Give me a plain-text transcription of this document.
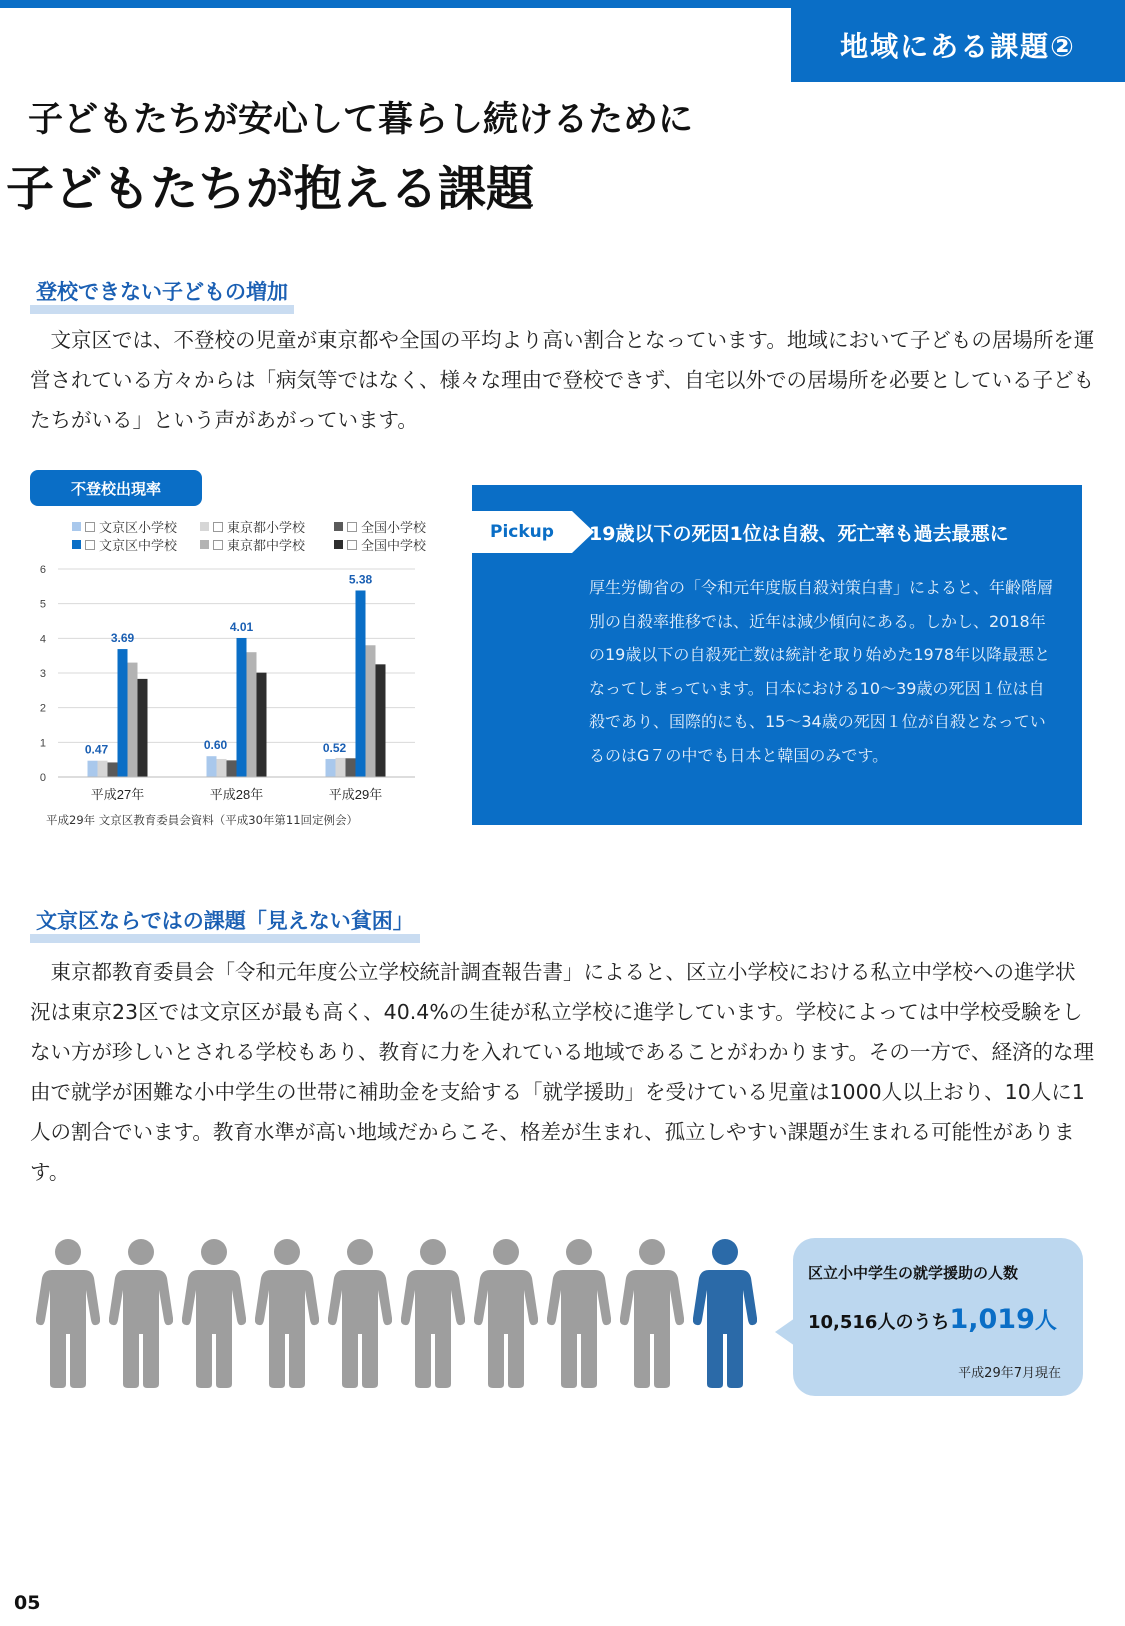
地域にある課題②
子どもたちが安心して暮らし続けるために
子どもたちが抱える課題
登校できない子どもの増加
文京区では、不登校の児童が東京都や全国の平均より高い割合となっています。地域において子どもの居場所を運営されている方々からは「病気等ではなく、様々な理由で登校できず、自宅以外での居場所を必要としている子どもたちがいる」という声があがっています。
不登校出現率
文京区小学校	東京都小学校	全国小学校
文京区中学校	東京都中学校	全国中学校
0
1
2
3
4
5
6
平成27年
0.47
3.69
平成28年
0.60
4.01
平成29年
0.52
5.38
平成29年 文京区教育委員会資料（平成30年第11回定例会）
Pickup	19歳以下の死因1位は自殺、死亡率も過去最悪に
厚生労働省の「令和元年度版自殺対策白書」によると、年齢階層別の自殺率推移では、近年は減少傾向にある。しかし、2018年の19歳以下の自殺死亡数は統計を取り始めた1978年以降最悪となってしまっています。日本における10〜39歳の死因１位は自殺であり、国際的にも、15〜34歳の死因１位が自殺となっているのはG７の中でも日本と韓国のみです。
文京区ならではの課題「見えない貧困」
東京都教育委員会「令和元年度公立学校統計調査報告書」によると、区立小学校における私立中学校への進学状況は東京23区では文京区が最も高く、40.4%の生徒が私立学校に進学しています。学校によっては中学校受験をしない方が珍しいとされる学校もあり、教育に力を入れている地域であることがわかります。その一方で、経済的な理由で就学が困難な小中学生の世帯に補助金を支給する「就学援助」を受けている児童は1000人以上おり、10人に1人の割合でいます。教育水準が高い地域だからこそ、格差が生まれ、孤立しやすい課題が生まれる可能性があります。
区立小中学生の就学援助の人数
10,516人のうち1,019人
平成29年7月現在
05
